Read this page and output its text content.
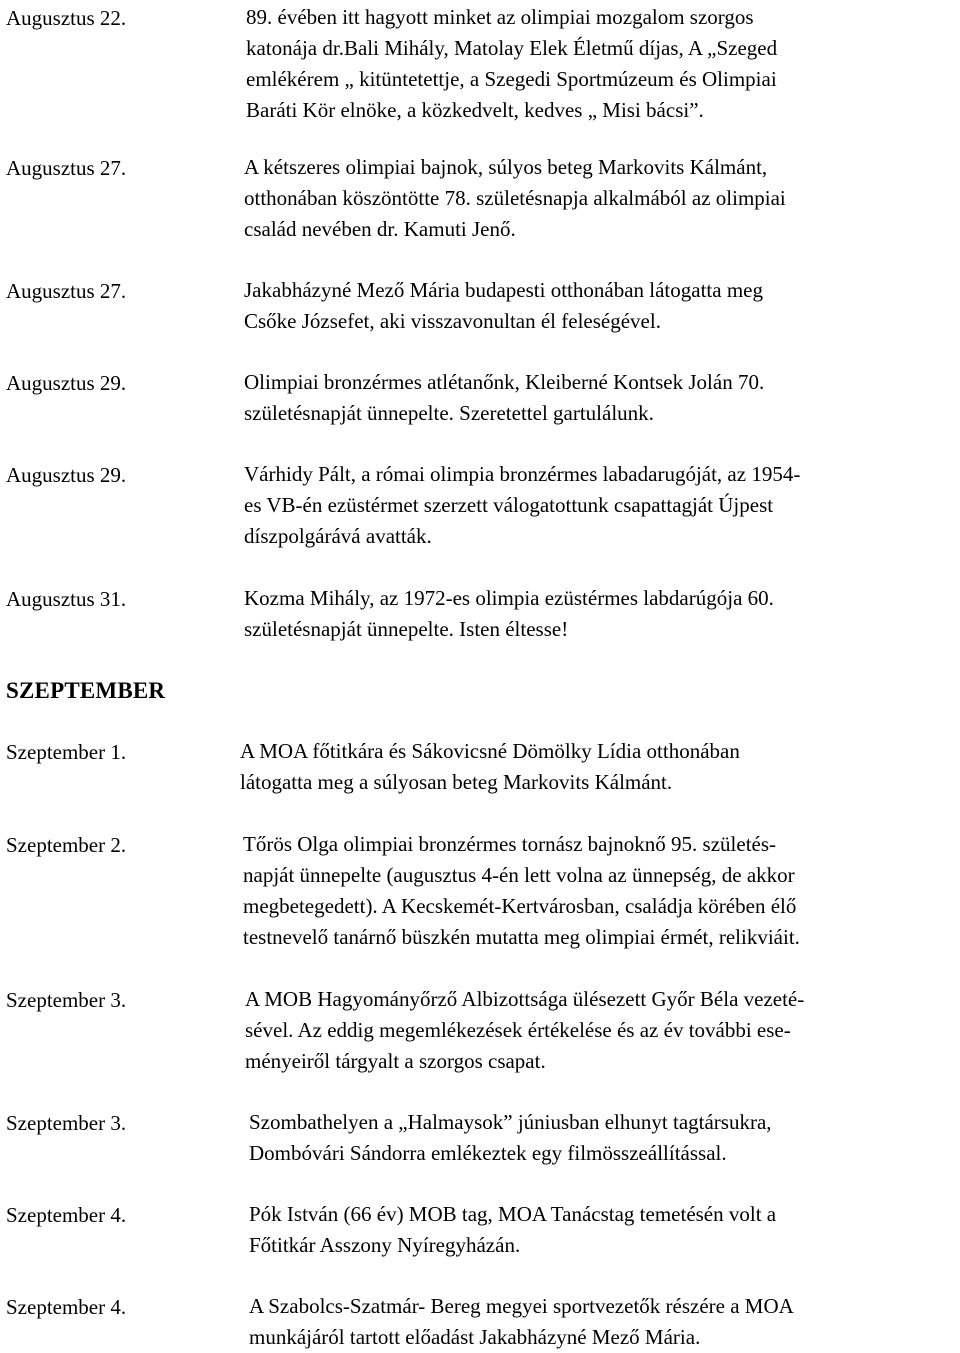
Augusztus 22.	89. évében itt hagyott minket az olimpiai mozgalom szorgos
katonája dr.Bali Mihály, Matolay Elek Életmű díjas, A „Szeged
emlékérem „ kitüntetettje, a Szegedi Sportmúzeum és Olimpiai
Baráti Kör elnöke, a közkedvelt, kedves „ Misi bácsi”.
Augusztus 27.	A kétszeres olimpiai bajnok, súlyos beteg Markovits Kálmánt,
otthonában köszöntötte 78. születésnapja alkalmából az olimpiai
család nevében dr. Kamuti Jenő.
Augusztus 27.	Jakabházyné Mező Mária budapesti otthonában látogatta meg
Csőke Józsefet, aki visszavonultan él feleségével.
Augusztus 29.	Olimpiai bronzérmes atlétanőnk, Kleiberné Kontsek Jolán 70.
születésnapját ünnepelte. Szeretettel gartulálunk.
Augusztus 29.	Várhidy Pált, a római olimpia bronzérmes labadarugóját, az 1954-
es VB-én ezüstérmet szerzett válogatottunk csapattagját Újpest
díszpolgárává avatták.
Augusztus 31.	Kozma Mihály, az 1972-es olimpia ezüstérmes labdarúgója 60.
születésnapját ünnepelte. Isten éltesse!
SZEPTEMBER
Szeptember 1.	A MOA főtitkára és Sákovicsné Dömölky Lídia otthonában
látogatta meg a súlyosan beteg Markovits Kálmánt.
Szeptember 2.	Tőrös Olga olimpiai bronzérmes tornász bajnoknő 95. születés-
napját ünnepelte (augusztus 4-én lett volna az ünnepség, de akkor
megbetegedett). A Kecskemét-Kertvárosban, családja körében élő
testnevelő tanárnő büszkén mutatta meg olimpiai érmét, relikviáit.
Szeptember 3.	A MOB Hagyományőrző Albizottsága ülésezett Győr Béla vezeté-
sével. Az eddig megemlékezések értékelése és az év további ese-
ményeiről tárgyalt a szorgos csapat.
Szeptember 3.	Szombathelyen a „Halmaysok” júniusban elhunyt tagtársukra,
Dombóvári Sándorra emlékeztek egy filmösszeállítással.
Szeptember 4.	Pók István (66 év) MOB tag, MOA Tanácstag temetésén volt a
Főtitkár Asszony Nyíregyházán.
Szeptember 4.	A Szabolcs-Szatmár- Bereg megyei sportvezetők részére a MOA
munkájáról tartott előadást Jakabházyné Mező Mária.
